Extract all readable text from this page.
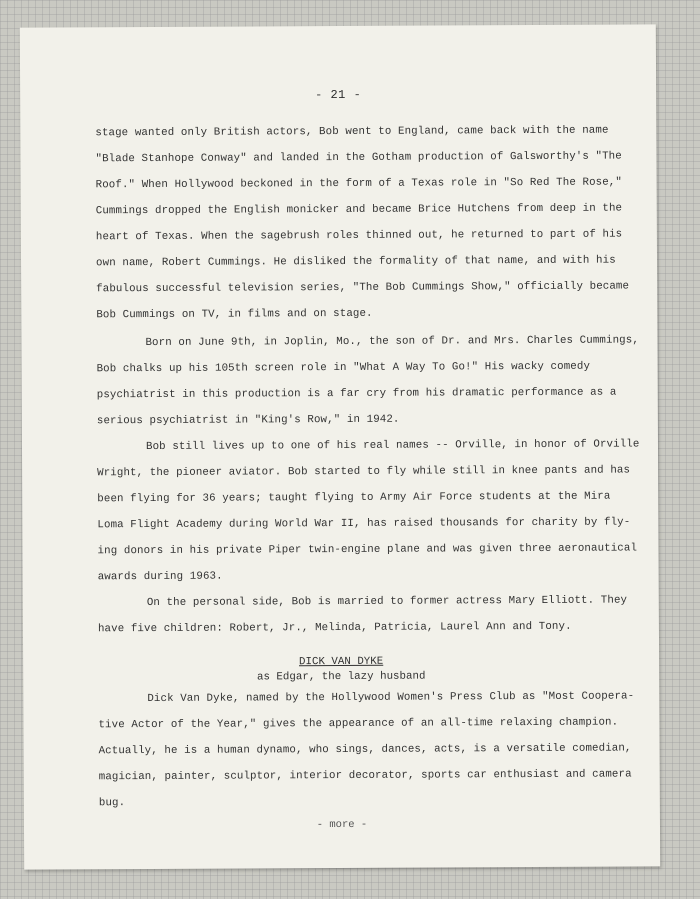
- 21 -
stage wanted only British actors, Bob went to England, came back with the name
"Blade Stanhope Conway" and landed in the Gotham production of Galsworthy's "The
Roof." When Hollywood beckoned in the form of a Texas role in "So Red The Rose,"
Cummings dropped the English monicker and became Brice Hutchens from deep in the
heart of Texas. When the sagebrush roles thinned out, he returned to part of his
own name, Robert Cummings. He disliked the formality of that name, and with his
fabulous successful television series, "The Bob Cummings Show," officially became
Bob Cummings on TV, in films and on stage.
Born on June 9th, in Joplin, Mo., the son of Dr. and Mrs. Charles Cummings,
Bob chalks up his 105th screen role in "What A Way To Go!" His wacky comedy
psychiatrist in this production is a far cry from his dramatic performance as a
serious psychiatrist in "King's Row," in 1942.
Bob still lives up to one of his real names -- Orville, in honor of Orville
Wright, the pioneer aviator. Bob started to fly while still in knee pants and has
been flying for 36 years; taught flying to Army Air Force students at the Mira
Loma Flight Academy during World War II, has raised thousands for charity by fly-
ing donors in his private Piper twin-engine plane and was given three aeronautical
awards during 1963.
On the personal side, Bob is married to former actress Mary Elliott. They
have five children: Robert, Jr., Melinda, Patricia, Laurel Ann and Tony.
DICK VAN DYKE
as Edgar, the lazy husband
Dick Van Dyke, named by the Hollywood Women's Press Club as "Most Coopera-
tive Actor of the Year," gives the appearance of an all-time relaxing champion.
Actually, he is a human dynamo, who sings, dances, acts, is a versatile comedian,
magician, painter, sculptor, interior decorator, sports car enthusiast and camera
bug.
- more -
